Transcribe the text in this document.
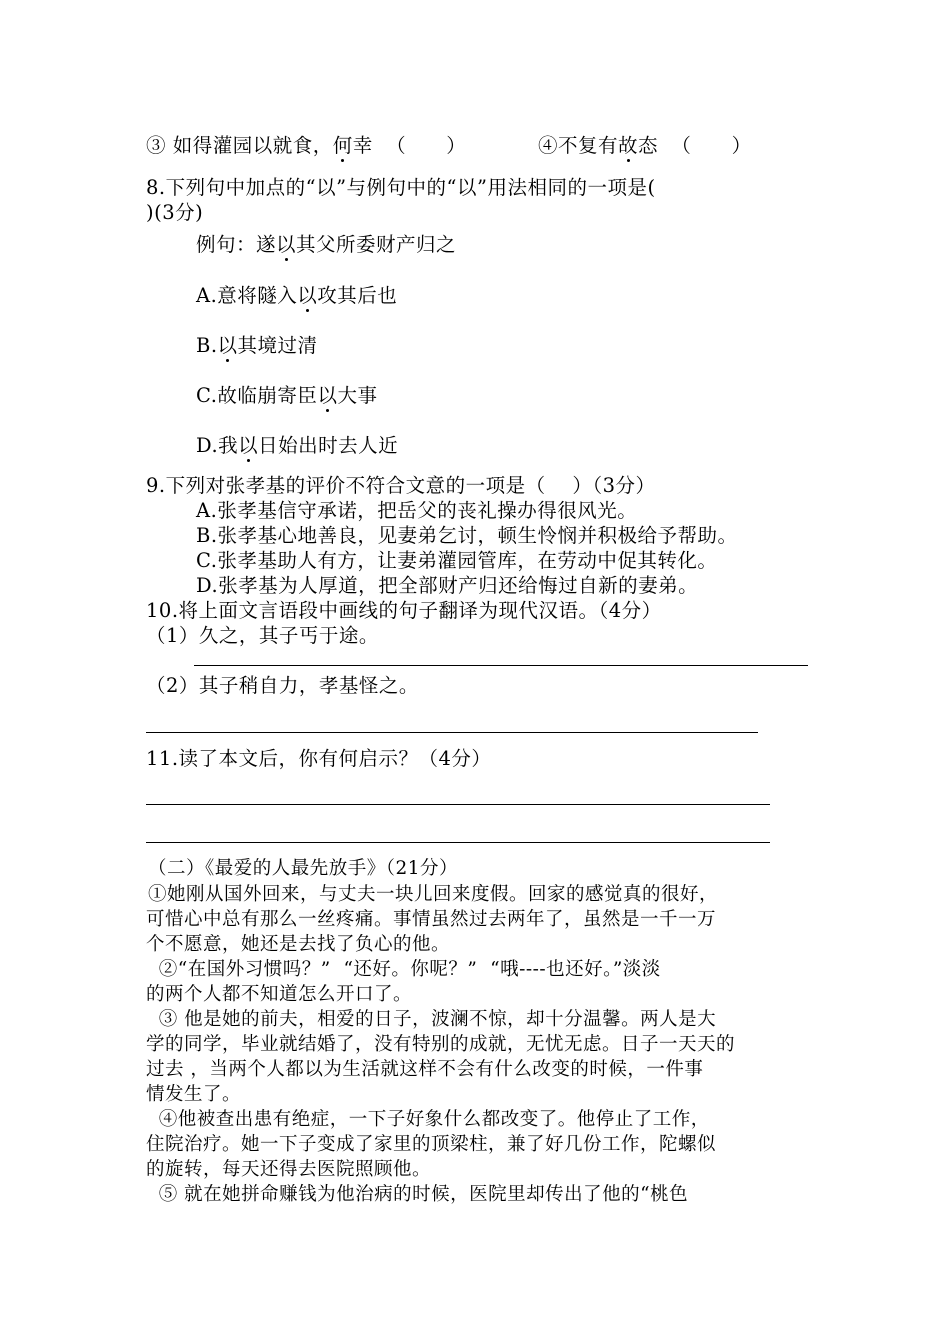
③ 如得灌园以就食，何幸  （      ）	④不复有故态  （      ）
8.下列句中加点的“以”与例句中的“以”用法相同的一项是(
)(3分)
例句：遂以其父所委财产归之
A.意将隧入以攻其后也
B.以其境过清
C.故临崩寄臣以大事
D.我以日始出时去人近
9.下列对张孝基的评价不符合文意的一项是（    ）（3分）
A.张孝基信守承诺，把岳父的丧礼操办得很风光。
B.张孝基心地善良，见妻弟乞讨，顿生怜悯并积极给予帮助。
C.张孝基助人有方，让妻弟灌园管库，在劳动中促其转化。
D.张孝基为人厚道，把全部财产归还给悔过自新的妻弟。
10.将上面文言语段中画线的句子翻译为现代汉语。（4分）
（1）久之，其子丐于途。
（2）其子稍自力，孝基怪之。
11.读了本文后，你有何启示？（4分）
（二）《最爱的人最先放手》（21分）
①她刚从国外回来，与丈夫一块儿回来度假。回家的感觉真的很好，
可惜心中总有那么一丝疼痛。事情虽然过去两年了，虽然是一千一万
个不愿意，她还是去找了负心的他。
②“在国外习惯吗？”  “还好。你呢？”  “哦----也还好。”淡淡
的两个人都不知道怎么开口了。
③ 他是她的前夫，相爱的日子，波澜不惊，却十分温馨。两人是大
学的同学，毕业就结婚了，没有特别的成就，无忧无虑。日子一天天的
过去 ，当两个人都以为生活就这样不会有什么改变的时候，一件事
情发生了。
④他被查出患有绝症，一下子好象什么都改变了。他停止了工作，
住院治疗。她一下子变成了家里的顶梁柱，兼了好几份工作，陀螺似
的旋转，每天还得去医院照顾他。
⑤ 就在她拼命赚钱为他治病的时候，医院里却传出了他的“桃色
